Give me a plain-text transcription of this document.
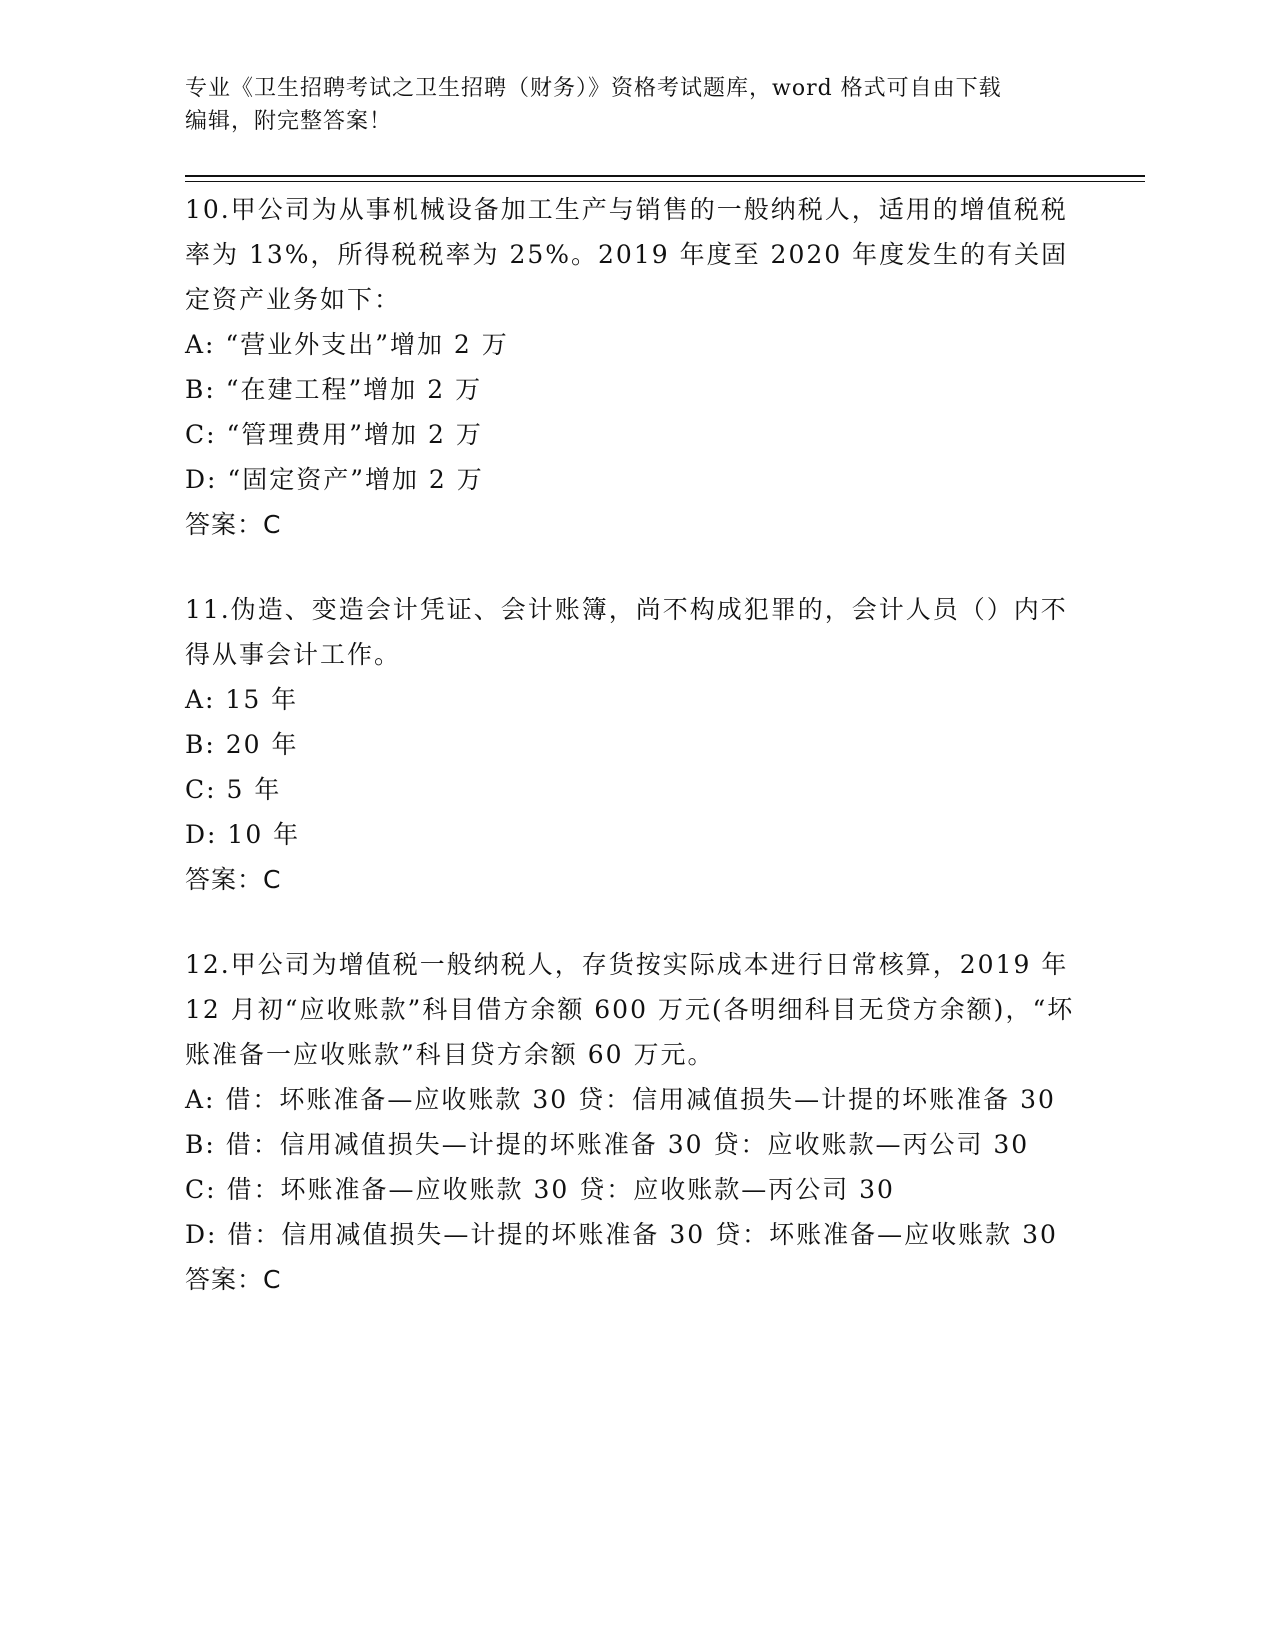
专业《卫生招聘考试之卫生招聘（财务）》资格考试题库，word 格式可自由下载
编辑，附完整答案！
10.甲公司为从事机械设备加工生产与销售的一般纳税人，适用的增值税税率为 13%，所得税税率为 25%。2019 年度至 2020 年度发生的有关固定资产业务如下：
A: “营业外支出”增加 2 万
B: “在建工程”增加 2 万
C: “管理费用”增加 2 万
D: “固定资产”增加 2 万
答案：C
11.伪造、变造会计凭证、会计账簿，尚不构成犯罪的，会计人员（）内不得从事会计工作。
A: 15 年
B: 20 年
C: 5 年
D: 10 年
答案：C
12.甲公司为增值税一般纳税人，存货按实际成本进行日常核算，2019 年 12 月初“应收账款”科目借方余额 600 万元(各明细科目无贷方余额)，“坏账准备一应收账款”科目贷方余额 60 万元。
A: 借：坏账准备—应收账款 30 贷：信用减值损失—计提的坏账准备 30
B: 借：信用减值损失—计提的坏账准备 30 贷：应收账款—丙公司 30
C: 借：坏账准备—应收账款 30 贷：应收账款—丙公司 30
D: 借：信用减值损失—计提的坏账准备 30 贷：坏账准备—应收账款 30
答案：C
